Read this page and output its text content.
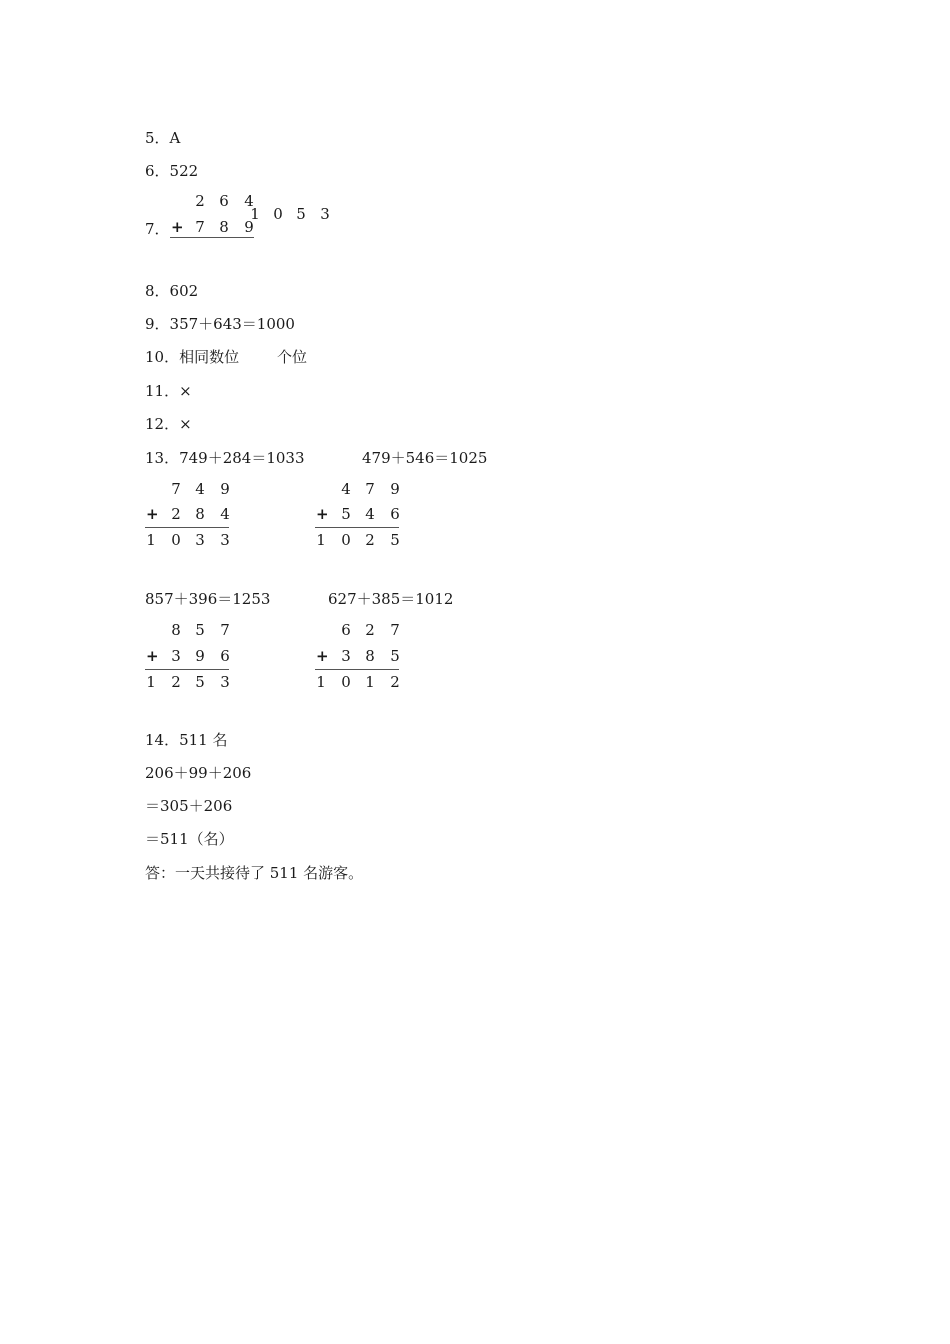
5．A
6．522
7．
2 6 4
+ 7 8 9
1 0 5 3
8．602
9．357＋643＝1000
10．相同数位	个位
11．×
12．×
13．749＋284＝1033	479＋546＝1025
857＋396＝1253	627＋385＝1012
7 4 9
+ 2 8 4
1 0 3 3
4 7 9
+ 5 4 6
1 0 2 5
8 5 7
+ 3 9 6
1 2 5 3
6 2 7
+ 3 8 5
1 0 1 2
14．511 名
206＋99＋206
＝305＋206
＝511（名）
答：一天共接待了 511 名游客。
